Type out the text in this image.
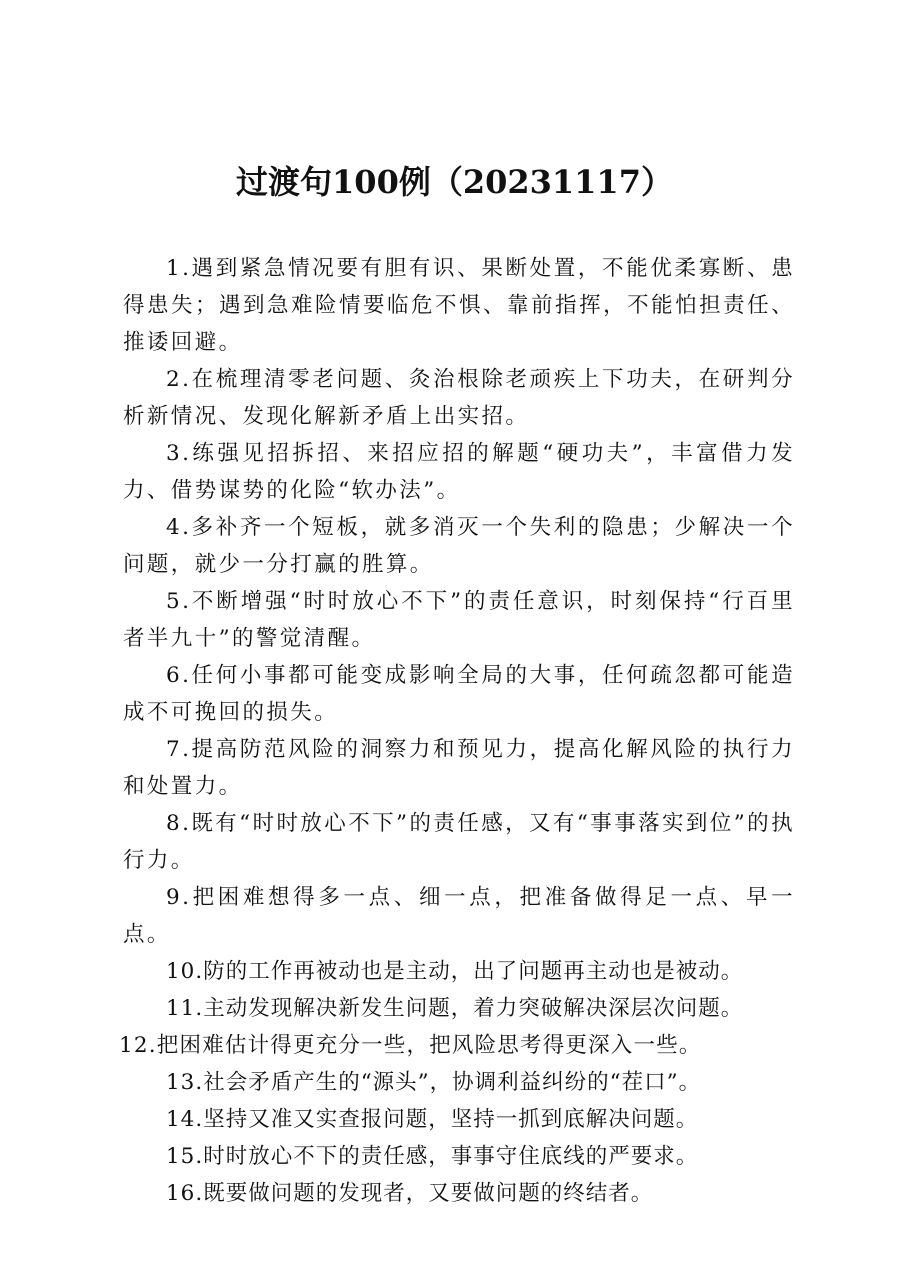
过渡句100例（20231117）

1.遇到紧急情况要有胆有识、果断处置，不能优柔寡断、患得患失；遇到急难险情要临危不惧、靠前指挥，不能怕担责任、推诿回避。

2.在梳理清零老问题、灸治根除老顽疾上下功夫，在研判分析新情况、发现化解新矛盾上出实招。

3.练强见招拆招、来招应招的解题“硬功夫”，丰富借力发力、借势谋势的化险“软办法”。

4.多补齐一个短板，就多消灭一个失利的隐患；少解决一个问题，就少一分打赢的胜算。

5.不断增强“时时放心不下”的责任意识，时刻保持“行百里者半九十”的警觉清醒。

6.任何小事都可能变成影响全局的大事，任何疏忽都可能造成不可挽回的损失。

7.提高防范风险的洞察力和预见力，提高化解风险的执行力和处置力。

8.既有“时时放心不下”的责任感，又有“事事落实到位”的执行力。

9.把困难想得多一点、细一点，把准备做得足一点、早一点。

10.防的工作再被动也是主动，出了问题再主动也是被动。

11.主动发现解决新发生问题，着力突破解决深层次问题。

12.把困难估计得更充分一些，把风险思考得更深入一些。

13.社会矛盾产生的“源头”，协调利益纠纷的“茬口”。

14.坚持又准又实查报问题，坚持一抓到底解决问题。

15.时时放心不下的责任感，事事守住底线的严要求。

16.既要做问题的发现者，又要做问题的终结者。
